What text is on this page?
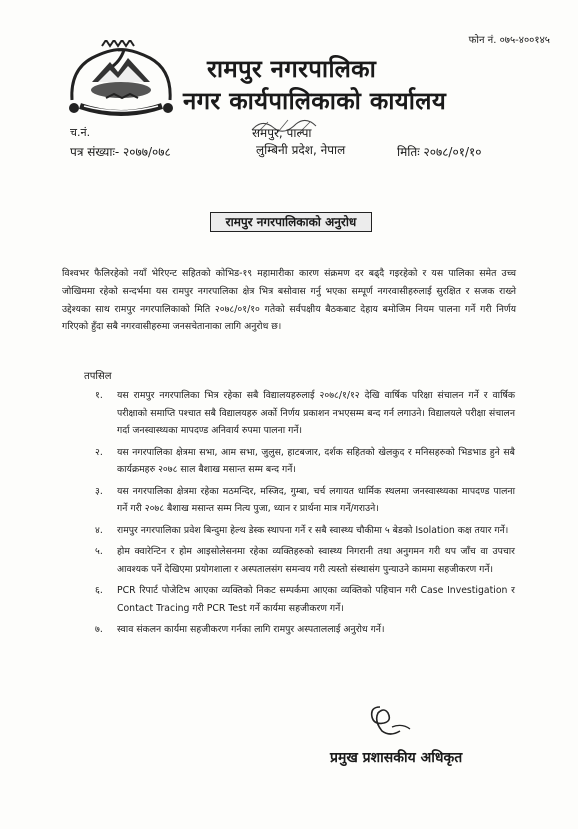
फोन नं. ०७५-४००१४५
रामपुर नगरपालिका
नगर कार्यपालिकाको कार्यालय
च.नं.	रामपुर, पाल्पा
पत्र संख्याः- २०७७/०७८	लुम्बिनी प्रदेश, नेपाल	मितिः २०७८/०१/१०
रामपुर नगरपालिकाको अनुरोध
विश्वभर फैलिरहेको नयाँ भेरिएन्ट सहितको कोभिड-१९ महामारीका कारण संक्रमण दर बढ्दै गइरहेको र यस पालिका समेत उच्च जोखिममा रहेको सन्दर्भमा यस रामपुर नगरपालिका क्षेत्र भित्र बसोवास गर्नु भएका सम्पूर्ण नगरवासीहरुलाई सुरक्षित र सजक राख्ने उद्देश्यका साथ रामपुर नगरपालिकाको मिति २०७८/०१/१० गतेको सर्वपक्षीय बैठकबाट देहाय बमोजिम नियम पालना गर्ने गरी निर्णय गरिएको हुँदा सबै नगरवासीहरुमा जनसचेतानाका लागि अनुरोध छ।
तपसिल
१. यस रामपुर नगरपालिका भित्र रहेका सबै विद्यालयहरुलाई २०७८/१/१२ देखि वार्षिक परिक्षा संचालन गर्ने र वार्षिक परीक्षाको समाप्ति पश्चात सबै विद्यालयहरु अर्को निर्णय प्रकाशन नभएसम्म बन्द गर्न लगाउने। विद्यालयले परीक्षा संचालन गर्दा जनस्वास्थ्यका मापदण्ड अनिवार्य रुपमा पालना गर्ने।
२. यस नगरपालिका क्षेत्रमा सभा, आम सभा, जुलुस, हाटबजार, दर्शक सहितको खेलकुद र मनिसहरुको भिडभाड हुने सबै कार्यक्रमहरु २०७८ साल बैशाख मसान्त सम्म बन्द गर्ने।
३. यस नगरपालिका क्षेत्रमा रहेका मठमन्दिर, मस्जिद, गुम्बा, चर्च लगायत धार्मिक स्थलमा जनस्वास्थ्यका मापदण्ड पालना गर्ने गरी २०७८ बैशाख मसान्त सम्म नित्य पुजा, ध्यान र प्रार्थना मात्र गर्ने/गराउने।
४. रामपुर नगरपालिका प्रवेश बिन्दुमा हेल्थ डेस्क स्थापना गर्ने र सबै स्वास्थ्य चौकीमा ५ बेडको Isolation कक्ष तयार गर्ने।
५. होम क्वारेन्टिन र होम आइसोलेसनमा रहेका व्यक्तिहरुको स्वास्थ्य निगरानी तथा अनुगमन गरी थप जाँच वा उपचार आवश्यक पर्ने देखिएमा प्रयोगशाला र अस्पतालसंग समन्वय गरी त्यस्तो संस्थासंग पुन्याउने काममा सहजीकरण गर्ने।
६. PCR रिपार्ट पोजेटिभ आएका व्यक्तिको निकट सम्पर्कमा आएका व्यक्तिको पहिचान गरी Case Investigation र Contact Tracing गरी PCR Test गर्ने कार्यमा सहजीकरण गर्ने।
७. स्वाव संकलन कार्यमा सहजीकरण गर्नका लागि रामपुर अस्पताललाई अनुरोध गर्ने।
प्रमुख प्रशासकीय अधिकृत
